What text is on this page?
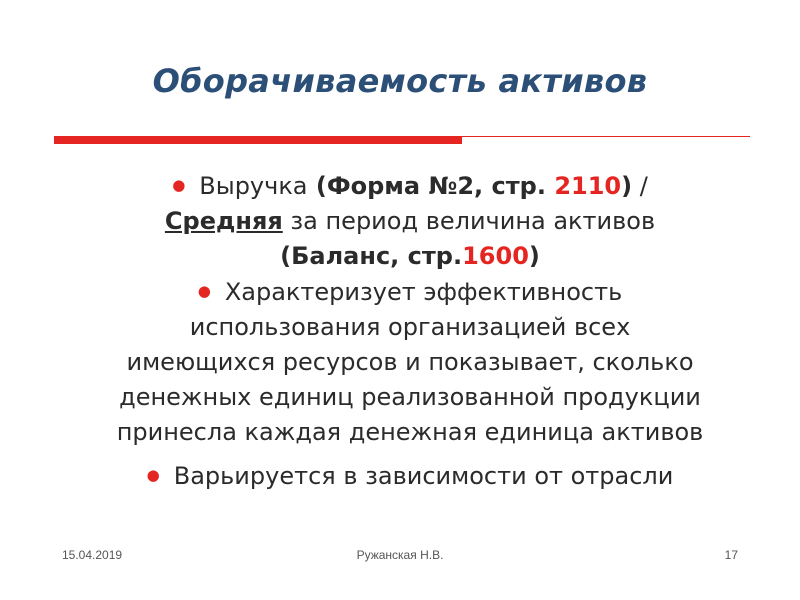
Оборачиваемость активов
● Выручка (Форма №2, стр. 2110) /
Средняя за период величина активов
(Баланс, стр.1600)
● Характеризует эффективность
использования организацией всех
имеющихся ресурсов и показывает, сколько
денежных единиц реализованной продукции
принесла каждая денежная единица активов
● Варьируется в зависимости от отрасли
15.04.2019	Ружанская Н.В.	17
